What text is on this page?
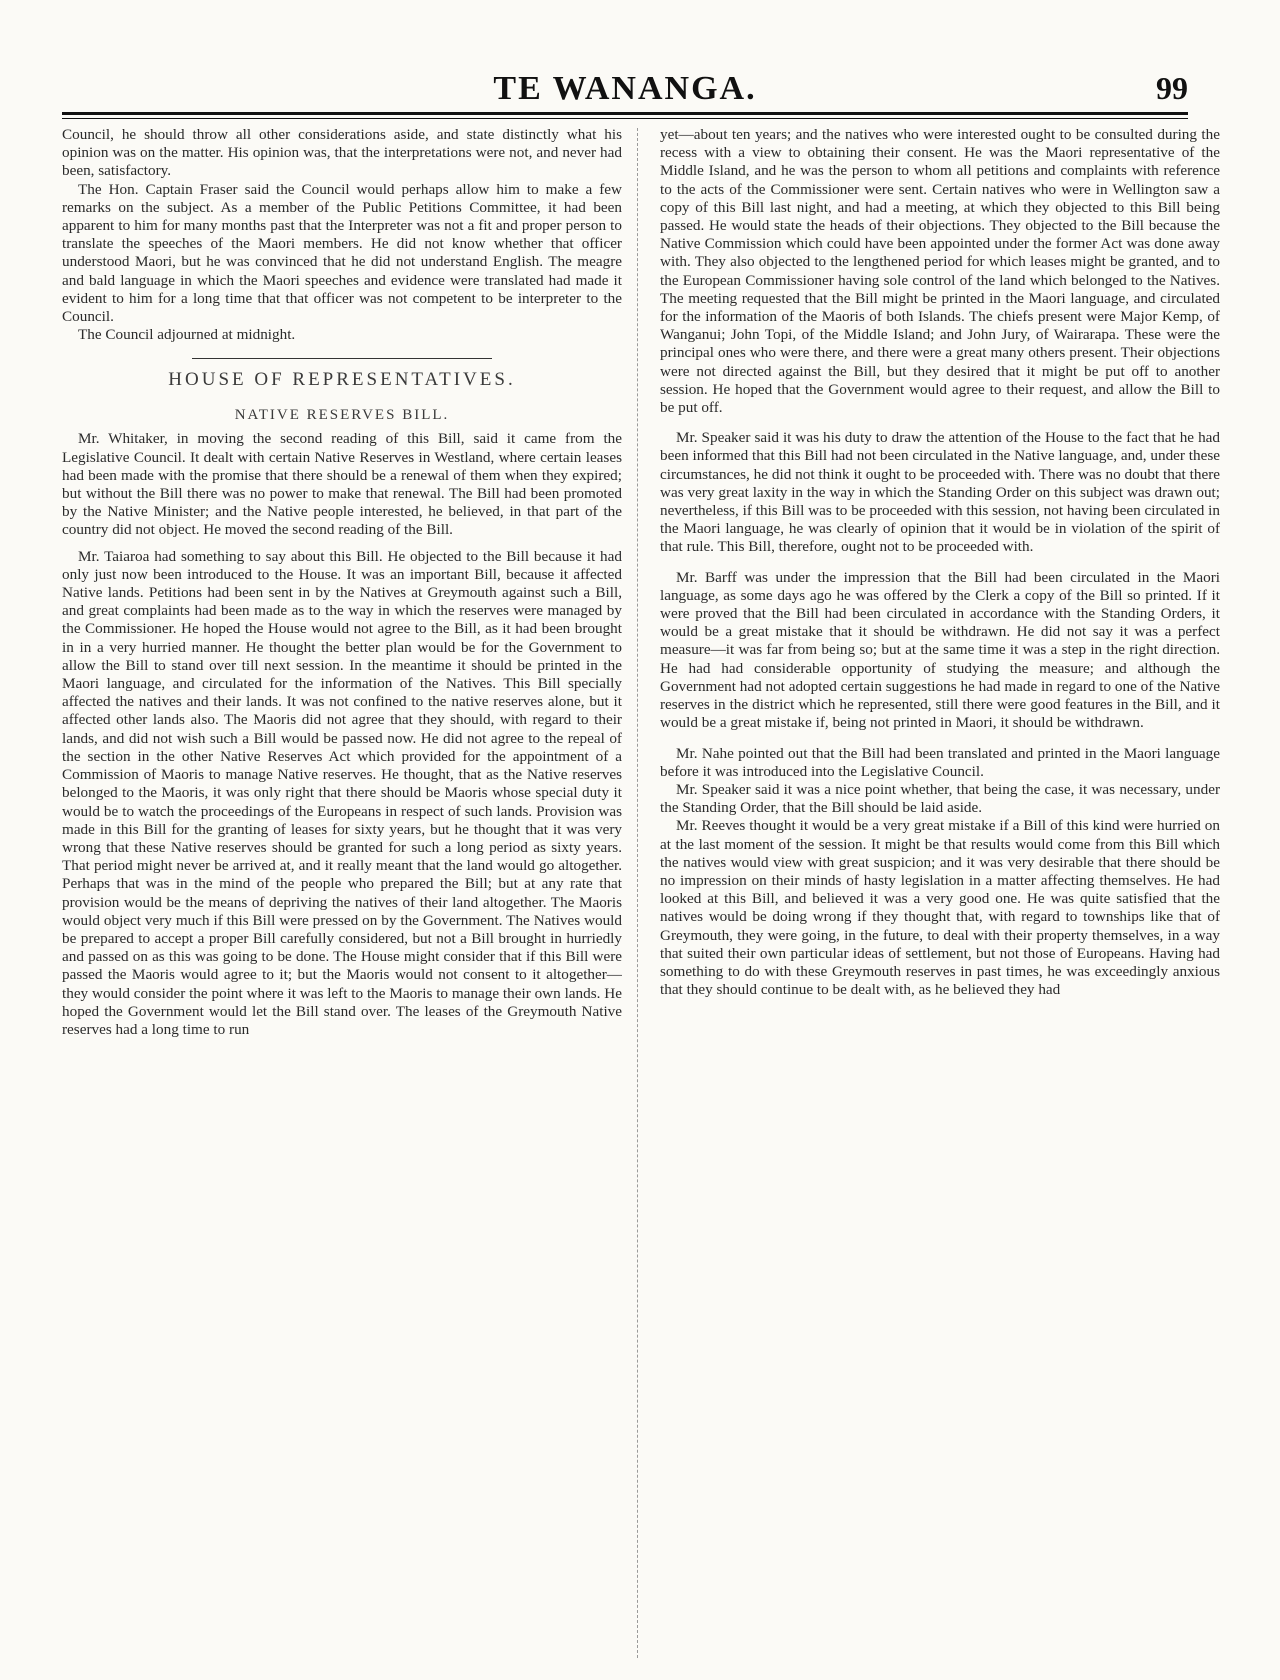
TE WANANGA.	99

Council, he should throw all other considerations aside, and state distinctly what his opinion was on the matter. His opinion was, that the interpretations were not, and never had been, satisfactory.

The Hon. Captain Fraser said the Council would perhaps allow him to make a few remarks on the subject. As a member of the Public Petitions Committee, it had been apparent to him for many months past that the Interpreter was not a fit and proper person to translate the speeches of the Maori members. He did not know whether that officer understood Maori, but he was convinced that he did not understand English. The meagre and bald language in which the Maori speeches and evidence were translated had made it evident to him for a long time that that officer was not competent to be interpreter to the Council.

The Council adjourned at midnight.

HOUSE OF REPRESENTATIVES.
NATIVE RESERVES BILL.

Mr. Whitaker, in moving the second reading of this Bill, said it came from the Legislative Council. It dealt with certain Native Reserves in Westland, where certain leases had been made with the promise that there should be a renewal of them when they expired; but without the Bill there was no power to make that renewal. The Bill had been promoted by the Native Minister; and the Native people interested, he believed, in that part of the country did not object. He moved the second reading of the Bill.

Mr. Taiaroa had something to say about this Bill. He objected to the Bill because it had only just now been introduced to the House. It was an important Bill, because it affected Native lands. Petitions had been sent in by the Natives at Greymouth against such a Bill, and great complaints had been made as to the way in which the reserves were managed by the Commissioner. He hoped the House would not agree to the Bill, as it had been brought in in a very hurried manner. He thought the better plan would be for the Government to allow the Bill to stand over till next session. In the meantime it should be printed in the Maori language, and circulated for the information of the Natives. This Bill specially affected the natives and their lands. It was not confined to the native reserves alone, but it affected other lands also. The Maoris did not agree that they should, with regard to their lands, and did not wish such a Bill would be passed now. He did not agree to the repeal of the section in the other Native Reserves Act which provided for the appointment of a Commission of Maoris to manage Native reserves. He thought, that as the Native reserves belonged to the Maoris, it was only right that there should be Maoris whose special duty it would be to watch the proceedings of the Europeans in respect of such lands. Provision was made in this Bill for the granting of leases for sixty years, but he thought that it was very wrong that these Native reserves should be granted for such a long period as sixty years. That period might never be arrived at, and it really meant that the land would go altogether. Perhaps that was in the mind of the people who prepared the Bill; but at any rate that provision would be the means of depriving the natives of their land altogether. The Maoris would object very much if this Bill were pressed on by the Government. The Natives would be prepared to accept a proper Bill carefully considered, but not a Bill brought in hurriedly and passed on as this was going to be done. The House might consider that if this Bill were passed the Maoris would agree to it; but the Maoris would not consent to it altogether—they would consider the point where it was left to the Maoris to manage their own lands. He hoped the Government would let the Bill stand over. The leases of the Greymouth Native reserves had a long time to run

yet—about ten years; and the natives who were interested ought to be consulted during the recess with a view to obtaining their consent. He was the Maori representative of the Middle Island, and he was the person to whom all petitions and complaints with reference to the acts of the Commissioner were sent. Certain natives who were in Wellington saw a copy of this Bill last night, and had a meeting, at which they objected to this Bill being passed. He would state the heads of their objections. They objected to the Bill because the Native Commission which could have been appointed under the former Act was done away with. They also objected to the lengthened period for which leases might be granted, and to the European Commissioner having sole control of the land which belonged to the Natives. The meeting requested that the Bill might be printed in the Maori language, and circulated for the information of the Maoris of both Islands. The chiefs present were Major Kemp, of Wanganui; John Topi, of the Middle Island; and John Jury, of Wairarapa. These were the principal ones who were there, and there were a great many others present. Their objections were not directed against the Bill, but they desired that it might be put off to another session. He hoped that the Government would agree to their request, and allow the Bill to be put off.

Mr. Speaker said it was his duty to draw the attention of the House to the fact that he had been informed that this Bill had not been circulated in the Native language, and, under these circumstances, he did not think it ought to be proceeded with. There was no doubt that there was very great laxity in the way in which the Standing Order on this subject was drawn out; nevertheless, if this Bill was to be proceeded with this session, not having been circulated in the Maori language, he was clearly of opinion that it would be in violation of the spirit of that rule. This Bill, therefore, ought not to be proceeded with.

Mr. Barff was under the impression that the Bill had been circulated in the Maori language, as some days ago he was offered by the Clerk a copy of the Bill so printed. If it were proved that the Bill had been circulated in accordance with the Standing Orders, it would be a great mistake that it should be withdrawn. He did not say it was a perfect measure—it was far from being so; but at the same time it was a step in the right direction. He had had considerable opportunity of studying the measure; and although the Government had not adopted certain suggestions he had made in regard to one of the Native reserves in the district which he represented, still there were good features in the Bill, and it would be a great mistake if, being not printed in Maori, it should be withdrawn.

Mr. Nahe pointed out that the Bill had been translated and printed in the Maori language before it was introduced into the Legislative Council.

Mr. Speaker said it was a nice point whether, that being the case, it was necessary, under the Standing Order, that the Bill should be laid aside.

Mr. Reeves thought it would be a very great mistake if a Bill of this kind were hurried on at the last moment of the session. It might be that results would come from this Bill which the natives would view with great suspicion; and it was very desirable that there should be no impression on their minds of hasty legislation in a matter affecting themselves. He had looked at this Bill, and believed it was a very good one. He was quite satisfied that the natives would be doing wrong if they thought that, with regard to townships like that of Greymouth, they were going, in the future, to deal with their property themselves, in a way that suited their own particular ideas of settlement, but not those of Europeans. Having had something to do with these Greymouth reserves in past times, he was exceedingly anxious that they should continue to be dealt with, as he believed they had
